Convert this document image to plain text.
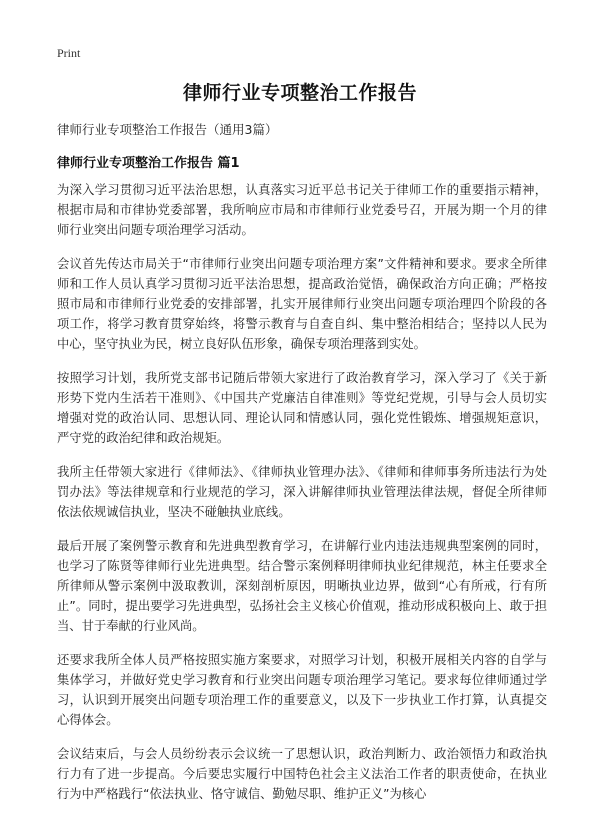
Print
律师行业专项整治工作报告
律师行业专项整治工作报告（通用3篇）
律师行业专项整治工作报告 篇1

为深入学习贯彻习近平法治思想，认真落实习近平总书记关于律师工作的重要指示精神，根据市局和市律协党委部署，我所响应市局和市律师行业党委号召，开展为期一个月的律师行业突出问题专项治理学习活动。

会议首先传达市局关于“市律师行业突出问题专项治理方案”文件精神和要求。要求全所律师和工作人员认真学习贯彻习近平法治思想，提高政治觉悟，确保政治方向正确；严格按照市局和市律师行业党委的安排部署，扎实开展律师行业突出问题专项治理四个阶段的各项工作，将学习教育贯穿始终，将警示教育与自查自纠、集中整治相结合；坚持以人民为中心，坚守执业为民，树立良好队伍形象，确保专项治理落到实处。

按照学习计划，我所党支部书记随后带领大家进行了政治教育学习，深入学习了《关于新形势下党内生活若干准则》、《中国共产党廉洁自律准则》等党纪党规，引导与会人员切实增强对党的政治认同、思想认同、理论认同和情感认同，强化党性锻炼、增强规矩意识，严守党的政治纪律和政治规矩。

我所主任带领大家进行《律师法》、《律师执业管理办法》、《律师和律师事务所违法行为处罚办法》等法律规章和行业规范的学习，深入讲解律师执业管理法律法规，督促全所律师依法依规诚信执业，坚决不碰触执业底线。

最后开展了案例警示教育和先进典型教育学习，在讲解行业内违法违规典型案例的同时，也学习了陈贤等律师行业先进典型。结合警示案例释明律师执业纪律规范，林主任要求全所律师从警示案例中汲取教训，深刻剖析原因，明晰执业边界，做到“心有所戒，行有所止”。同时，提出要学习先进典型，弘扬社会主义核心价值观，推动形成积极向上、敢于担当、甘于奉献的行业风尚。

还要求我所全体人员严格按照实施方案要求，对照学习计划，积极开展相关内容的自学与集体学习，并做好党史学习教育和行业突出问题专项治理学习笔记。要求每位律师通过学习，认识到开展突出问题专项治理工作的重要意义，以及下一步执业工作打算，认真提交心得体会。

会议结束后，与会人员纷纷表示会议统一了思想认识，政治判断力、政治领悟力和政治执行力有了进一步提高。今后要忠实履行中国特色社会主义法治工作者的职责使命，在执业行为中严格践行“依法执业、恪守诚信、勤勉尽职、维护正义”为核心
